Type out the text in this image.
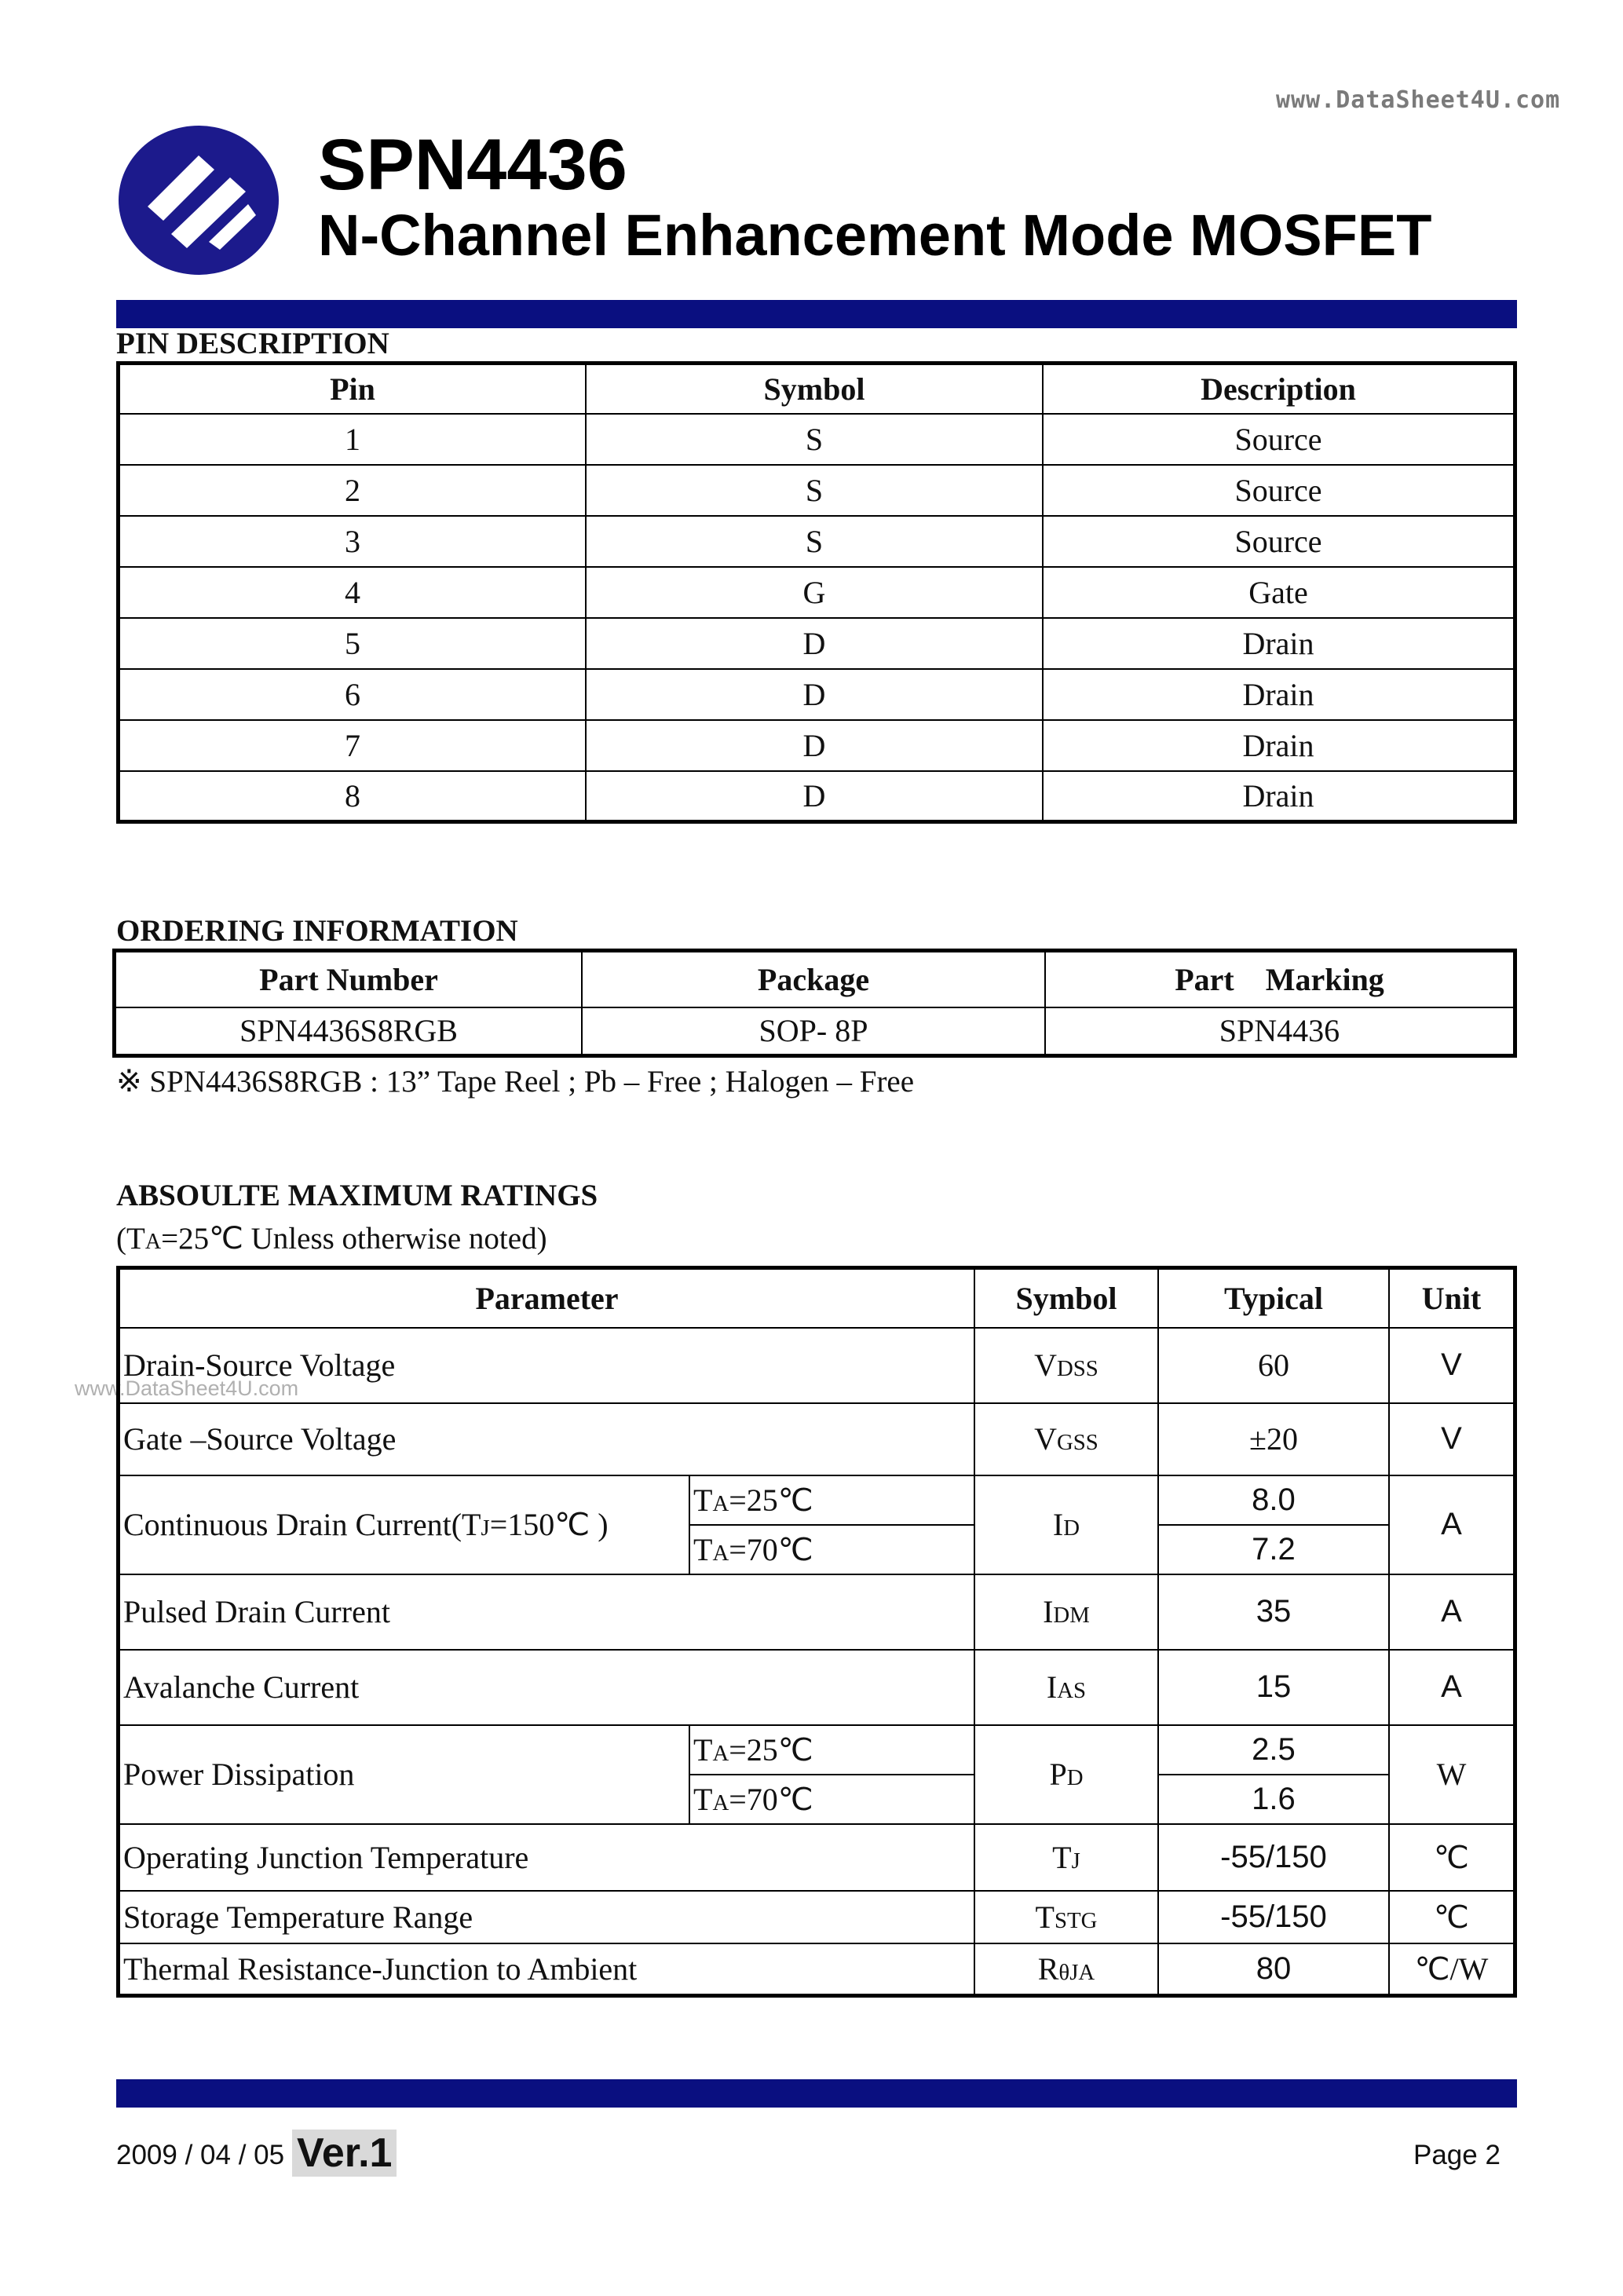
www.DataSheet4U.com
SPN4436
N-Channel Enhancement Mode MOSFET
PIN DESCRIPTION
Pin	Symbol	Description
1	S	Source
2	S	Source
3	S	Source
4	G	Gate
5	D	Drain
6	D	Drain
7	D	Drain
8	D	Drain
ORDERING INFORMATION
Part Number	Package	Part    Marking
SPN4436S8RGB	SOP- 8P	SPN4436
※ SPN4436S8RGB : 13” Tape Reel ; Pb – Free ; Halogen – Free
ABSOULTE MAXIMUM RATINGS
(TA=25℃ Unless otherwise noted)
www.DataSheet4U.com
Parameter		Symbol	Typical	Unit
Drain-Source Voltage		VDSS	60	V
Gate –Source Voltage		VGSS	±20	V
Continuous Drain Current(TJ=150℃ )	TA=25℃	ID	8.0	A
	TA=70℃		7.2	
Pulsed Drain Current		IDM	35	A
Avalanche Current		IAS	15	A
Power Dissipation	TA=25℃	PD	2.5	W
	TA=70℃		1.6	
Operating Junction Temperature		TJ	-55/150	℃
Storage Temperature Range		TSTG	-55/150	℃
Thermal Resistance-Junction to Ambient		RθJA	80	℃/W
2009 / 04 / 05 Ver.1	Page 2
